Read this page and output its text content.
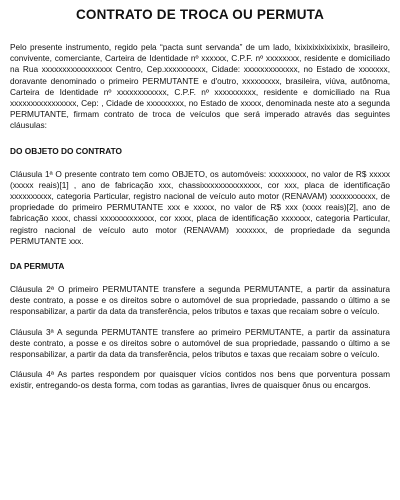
CONTRATO DE TROCA OU PERMUTA

Pelo presente instrumento, regido pela “pacta sunt servanda” de um lado, lxixixixixixixixix, brasileiro, convivente, comerciante, Carteira de Identidade nº xxxxxx, C.P.F. nº xxxxxxxx, residente e domiciliado na Rua xxxxxxxxxxxxxxxxx Centro, Cep.xxxxxxxxxx, Cidade: xxxxxxxxxxxxx, no Estado de xxxxxxx, doravante denominado o primeiro PERMUTANTE e d'outro, xxxxxxxxx, brasileira, viúva, autônoma, Carteira de Identidade nº xxxxxxxxxxxx, C.P.F. nº xxxxxxxxxx, residente e domiciliado na Rua xxxxxxxxxxxxxxxx, Cep: , Cidade de xxxxxxxxx, no Estado de xxxxx, denominada neste ato a segunda PERMUTANTE, firmam contrato de troca de veículos que será imperado através das seguintes cláusulas:

DO OBJETO DO CONTRATO

Cláusula 1ª O presente contrato tem como OBJETO, os automóveis: xxxxxxxxx, no valor de R$ xxxxx (xxxxx reais)[1] , ano de fabricação xxx, chassixxxxxxxxxxxxxx, cor xxx, placa de identificação xxxxxxxxxx, categoria Particular, registro nacional de veículo auto motor (RENAVAM) xxxxxxxxxxx, de propriedade do primeiro PERMUTANTE xxx e xxxxx, no valor de R$ xxx (xxxx reais)[2], ano de fabricação xxxx, chassi xxxxxxxxxxxxx, cor xxxx, placa de identificação xxxxxxx, categoria Particular, registro nacional de veículo auto motor (RENAVAM) xxxxxxx, de propriedade da segunda PERMUTANTE xxx.

DA PERMUTA

Cláusula 2ª O primeiro PERMUTANTE transfere a segunda PERMUTANTE, a partir da assinatura deste contrato, a posse e os direitos sobre o automóvel de sua propriedade, passando o último a se responsabilizar, a partir da data da transferência, pelos tributos e taxas que recaiam sobre o veículo.

Cláusula 3ª A segunda PERMUTANTE transfere ao primeiro PERMUTANTE, a partir da assinatura deste contrato, a posse e os direitos sobre o automóvel de sua propriedade, passando o último a se responsabilizar, a partir da data da transferência, pelos tributos e taxas que recaiam sobre o veículo.

Cláusula 4ª As partes respondem por quaisquer vícios contidos nos bens que porventura possam existir, entregando-os desta forma, com todas as garantias, livres de quaisquer ônus ou encargos.
